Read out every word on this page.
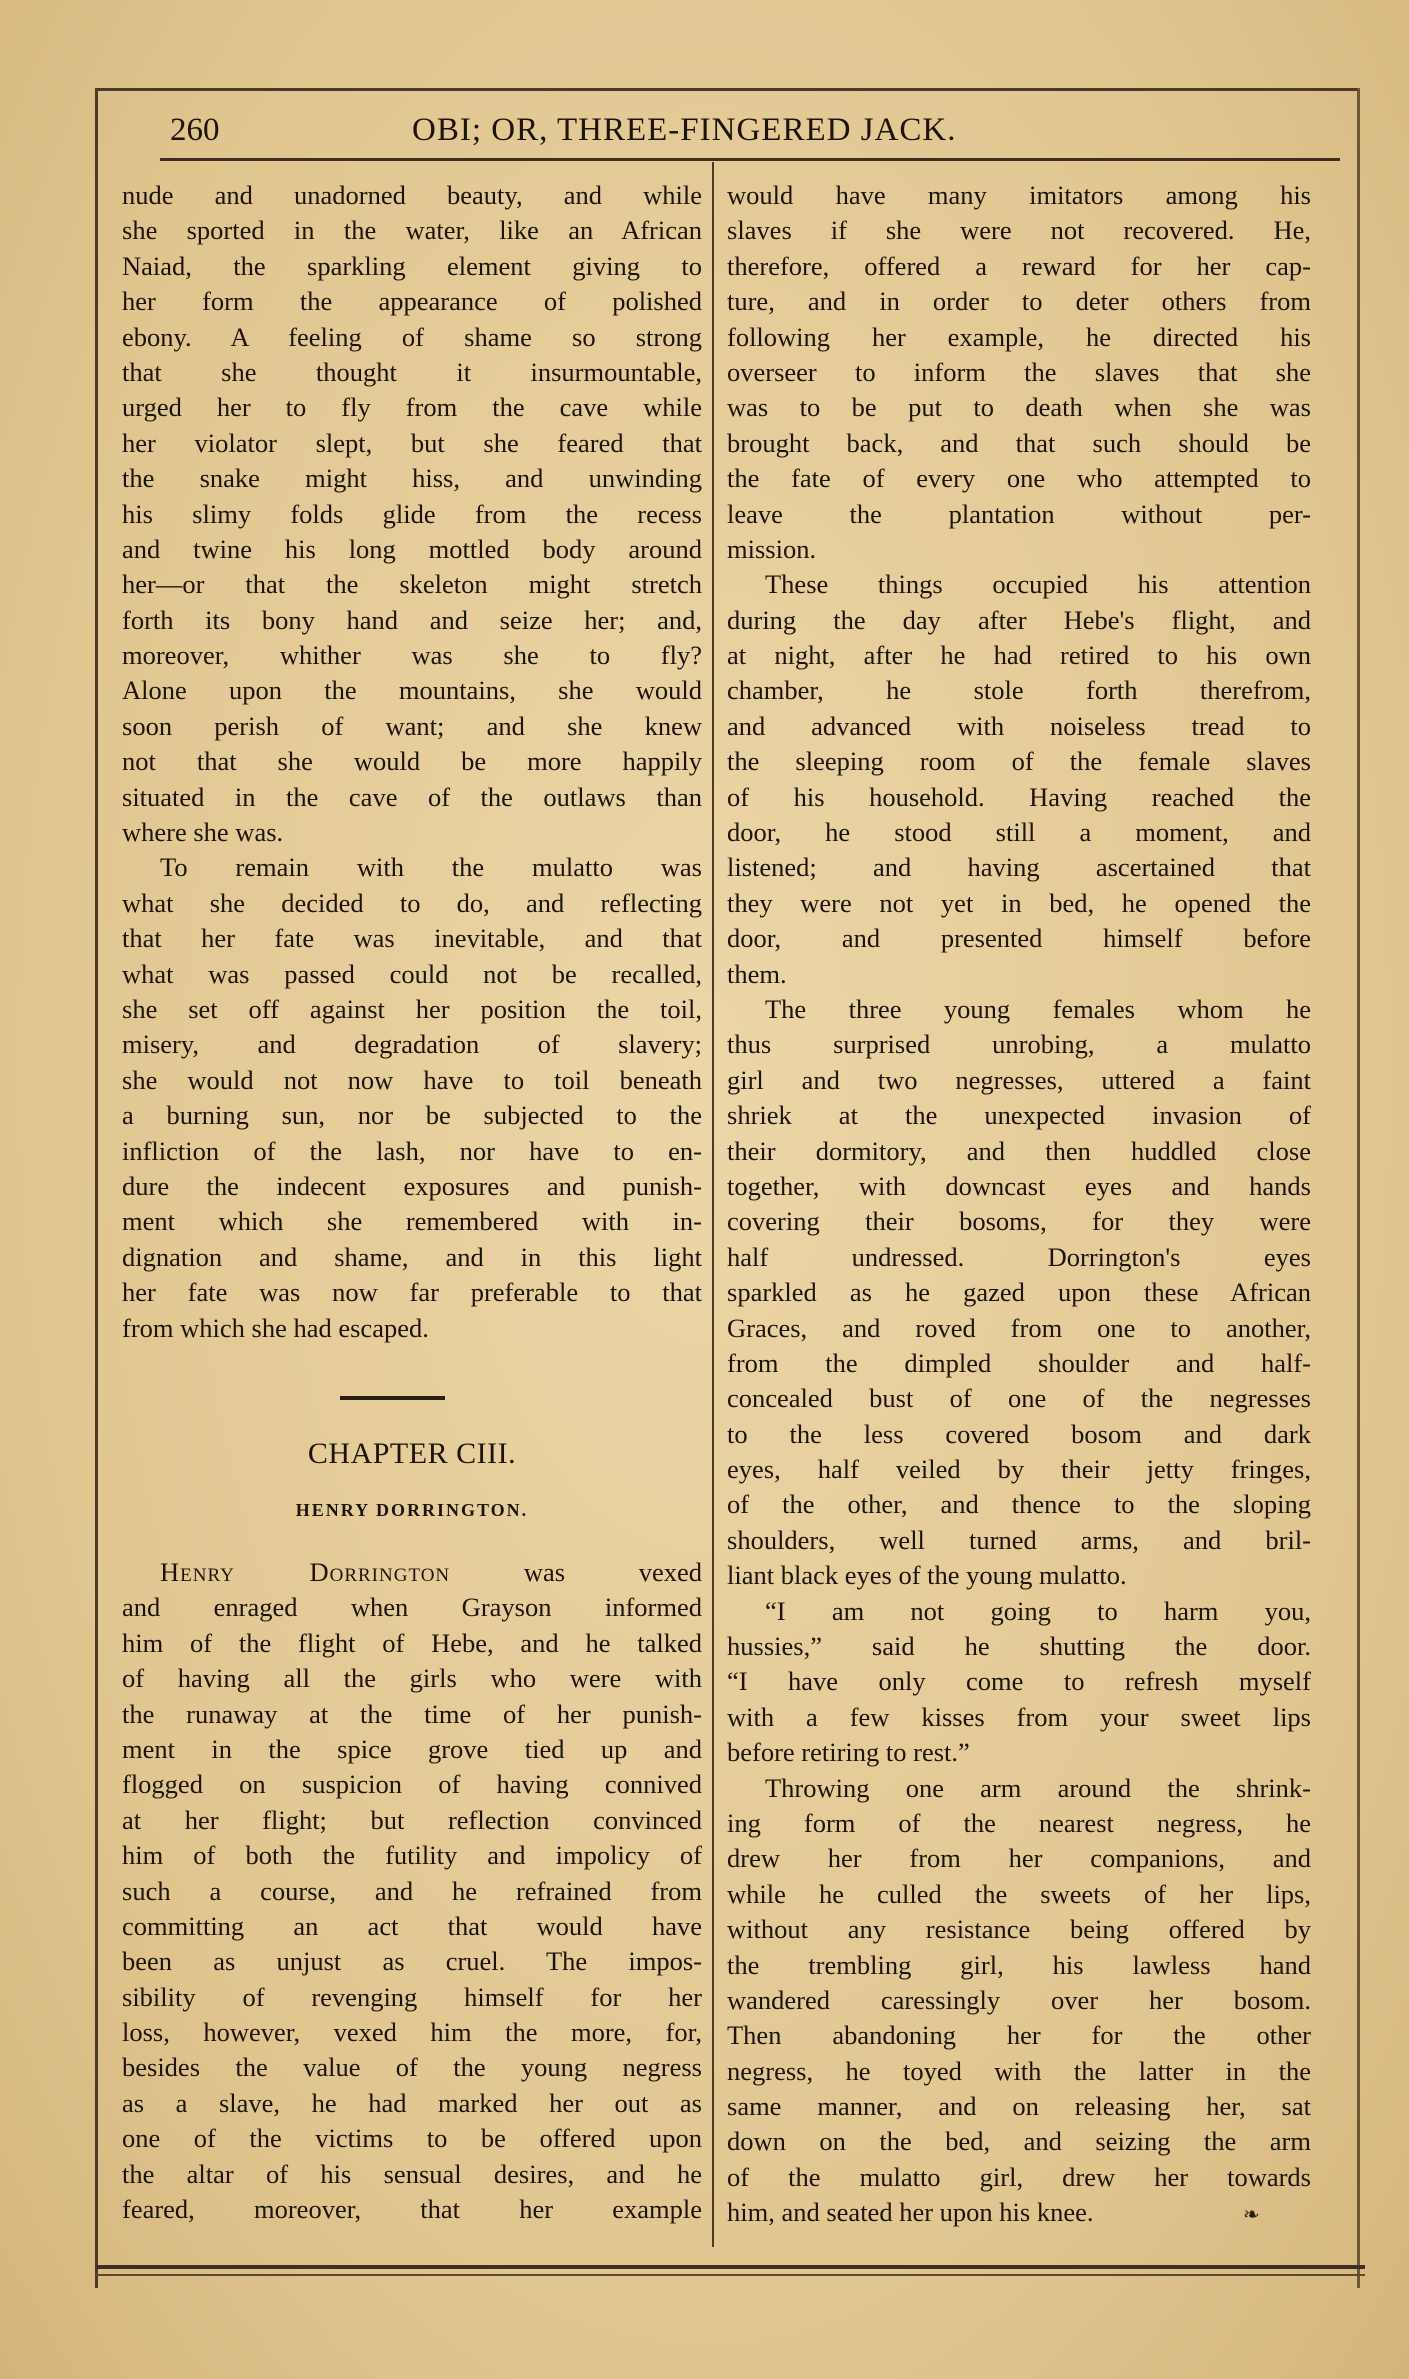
260	OBI; OR, THREE-FINGERED JACK.
nude and unadorned beauty, and while
she sported in the water, like an African
Naiad, the sparkling element giving to
her form the appearance of polished
ebony. A feeling of shame so strong
that she thought it insurmountable,
urged her to fly from the cave while
her violator slept, but she feared that
the snake might hiss, and unwinding
his slimy folds glide from the recess
and twine his long mottled body around
her—or that the skeleton might stretch
forth its bony hand and seize her; and,
moreover, whither was she to fly?
Alone upon the mountains, she would
soon perish of want; and she knew
not that she would be more happily
situated in the cave of the outlaws than
where she was.
To remain with the mulatto was
what she decided to do, and reflecting
that her fate was inevitable, and that
what was passed could not be recalled,
she set off against her position the toil,
misery, and degradation of slavery;
she would not now have to toil beneath
a burning sun, nor be subjected to the
infliction of the lash, nor have to en-
dure the indecent exposures and punish-
ment which she remembered with in-
dignation and shame, and in this light
her fate was now far preferable to that
from which she had escaped.
CHAPTER CIII.
HENRY DORRINGTON.
Henry Dorrington was vexed
and enraged when Grayson informed
him of the flight of Hebe, and he talked
of having all the girls who were with
the runaway at the time of her punish-
ment in the spice grove tied up and
flogged on suspicion of having connived
at her flight; but reflection convinced
him of both the futility and impolicy of
such a course, and he refrained from
committing an act that would have
been as unjust as cruel. The impos-
sibility of revenging himself for her
loss, however, vexed him the more, for,
besides the value of the young negress
as a slave, he had marked her out as
one of the victims to be offered upon
the altar of his sensual desires, and he
feared, moreover, that her example
would have many imitators among his
slaves if she were not recovered. He,
therefore, offered a reward for her cap-
ture, and in order to deter others from
following her example, he directed his
overseer to inform the slaves that she
was to be put to death when she was
brought back, and that such should be
the fate of every one who attempted to
leave the plantation without per-
mission.
These things occupied his attention
during the day after Hebe's flight, and
at night, after he had retired to his own
chamber, he stole forth therefrom,
and advanced with noiseless tread to
the sleeping room of the female slaves
of his household. Having reached the
door, he stood still a moment, and
listened; and having ascertained that
they were not yet in bed, he opened the
door, and presented himself before
them.
The three young females whom he
thus surprised unrobing, a mulatto
girl and two negresses, uttered a faint
shriek at the unexpected invasion of
their dormitory, and then huddled close
together, with downcast eyes and hands
covering their bosoms, for they were
half undressed. Dorrington's eyes
sparkled as he gazed upon these African
Graces, and roved from one to another,
from the dimpled shoulder and half-
concealed bust of one of the negresses
to the less covered bosom and dark
eyes, half veiled by their jetty fringes,
of the other, and thence to the sloping
shoulders, well turned arms, and bril-
liant black eyes of the young mulatto.
“I am not going to harm you,
hussies,” said he shutting the door.
“I have only come to refresh myself
with a few kisses from your sweet lips
before retiring to rest.”
Throwing one arm around the shrink-
ing form of the nearest negress, he
drew her from her companions, and
while he culled the sweets of her lips,
without any resistance being offered by
the trembling girl, his lawless hand
wandered caressingly over her bosom.
Then abandoning her for the other
negress, he toyed with the latter in the
same manner, and on releasing her, sat
down on the bed, and seizing the arm
of the mulatto girl, drew her towards
him, and seated her upon his knee.	❧
